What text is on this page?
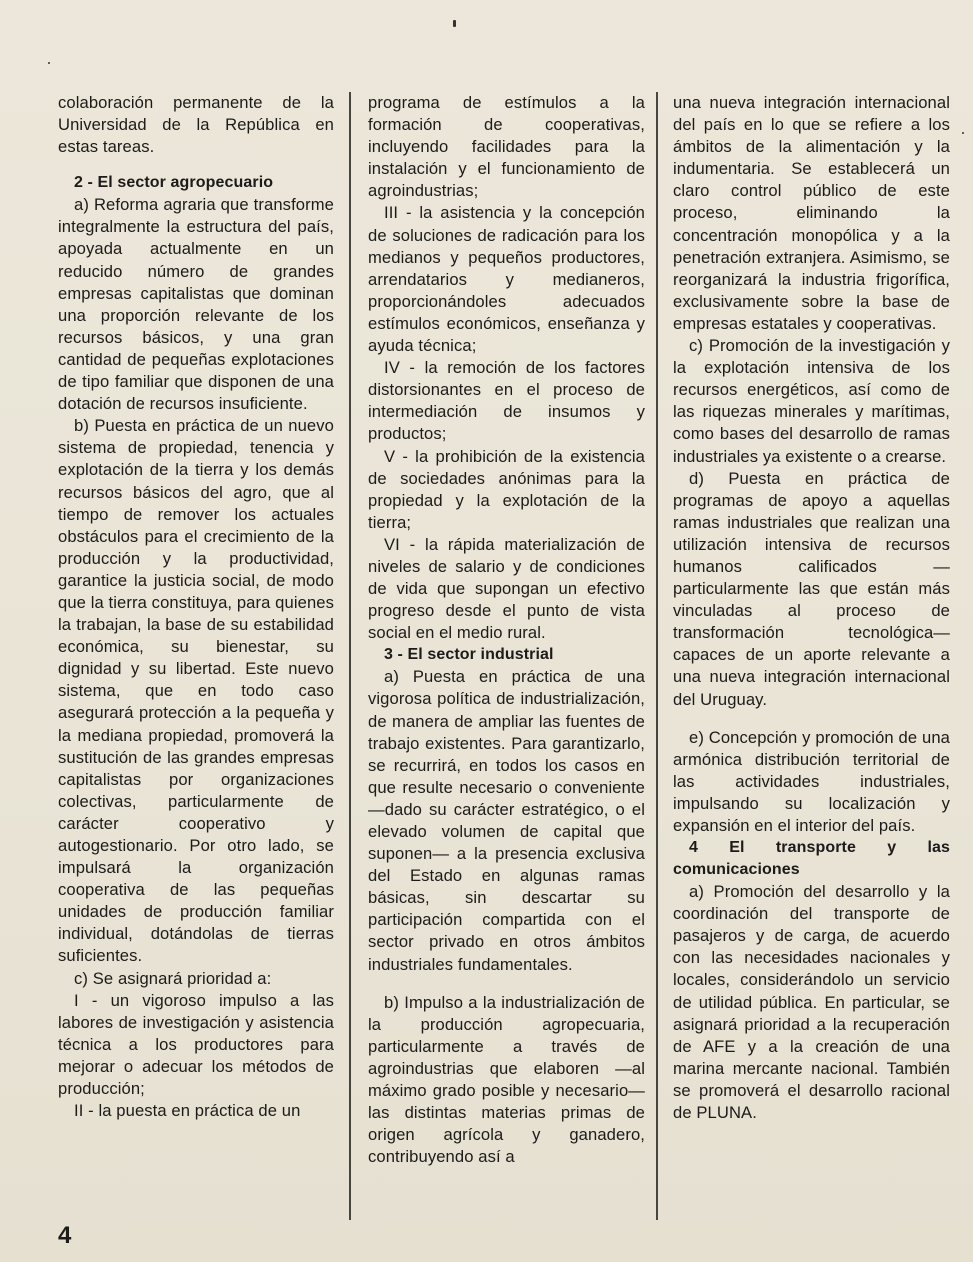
colaboración permanente de la Universidad de la República en estas tareas.

2 - El sector agropecuario

a) Reforma agraria que transforme integralmente la estructura del país, apoyada actualmente en un reducido número de grandes empresas capitalistas que dominan una proporción relevante de los recursos básicos, y una gran cantidad de pequeñas explotaciones de tipo familiar que disponen de una dotación de recursos insuficiente.

b) Puesta en práctica de un nuevo sistema de propiedad, tenencia y explotación de la tierra y los demás recursos básicos del agro, que al tiempo de remover los actuales obstáculos para el crecimiento de la producción y la productividad, garantice la justicia social, de modo que la tierra constituya, para quienes la trabajan, la base de su estabilidad económica, su bienestar, su dignidad y su libertad. Este nuevo sistema, que en todo caso asegurará protección a la pequeña y la mediana propiedad, promoverá la sustitución de las grandes empresas capitalistas por organizaciones colectivas, particularmente de carácter cooperativo y autogestionario. Por otro lado, se impulsará la organización cooperativa de las pequeñas unidades de producción familiar individual, dotándolas de tierras suficientes.

c) Se asignará prioridad a:

I - un vigoroso impulso a las labores de investigación y asistencia técnica a los productores para mejorar o adecuar los métodos de producción;

II - la puesta en práctica de un

programa de estímulos a la formación de cooperativas, incluyendo facilidades para la instalación y el funcionamiento de agroindustrias;

III - la asistencia y la concepción de soluciones de radicación para los medianos y pequeños productores, arrendatarios y medianeros, proporcionándoles adecuados estímulos económicos, enseñanza y ayuda técnica;

IV - la remoción de los factores distorsionantes en el proceso de intermediación de insumos y productos;

V - la prohibición de la existencia de sociedades anónimas para la propiedad y la explotación de la tierra;

VI - la rápida materialización de niveles de salario y de condiciones de vida que supongan un efectivo progreso desde el punto de vista social en el medio rural.

3 - El sector industrial

a) Puesta en práctica de una vigorosa política de industrialización, de manera de ampliar las fuentes de trabajo existentes. Para garantizarlo, se recurrirá, en todos los casos en que resulte necesario o conveniente —dado su carácter estratégico, o el elevado volumen de capital que suponen— a la presencia exclusiva del Estado en algunas ramas básicas, sin descartar su participación compartida con el sector privado en otros ámbitos industriales fundamentales.

b) Impulso a la industrialización de la producción agropecuaria, particularmente a través de agroindustrias que elaboren —al máximo grado posible y necesario— las distintas materias primas de origen agrícola y ganadero, contribuyendo así a

una nueva integración internacional del país en lo que se refiere a los ámbitos de la alimentación y la indumentaria. Se establecerá un claro control público de este proceso, eliminando la concentración monopólica y a la penetración extranjera. Asimismo, se reorganizará la industria frigorífica, exclusivamente sobre la base de empresas estatales y cooperativas.

c) Promoción de la investigación y la explotación intensiva de los recursos energéticos, así como de las riquezas minerales y marítimas, como bases del desarrollo de ramas industriales ya existente o a crearse.

d) Puesta en práctica de programas de apoyo a aquellas ramas industriales que realizan una utilización intensiva de recursos humanos calificados —particularmente las que están más vinculadas al proceso de transformación tecnológica— capaces de un aporte relevante a una nueva integración internacional del Uruguay.

e) Concepción y promoción de una armónica distribución territorial de las actividades industriales, impulsando su localización y expansión en el interior del país.

4 El transporte y las comunicaciones

a) Promoción del desarrollo y la coordinación del transporte de pasajeros y de carga, de acuerdo con las necesidades nacionales y locales, considerándolo un servicio de utilidad pública. En particular, se asignará prioridad a la recuperación de AFE y a la creación de una marina mercante nacional. También se promoverá el desarrollo racional de PLUNA.

4
